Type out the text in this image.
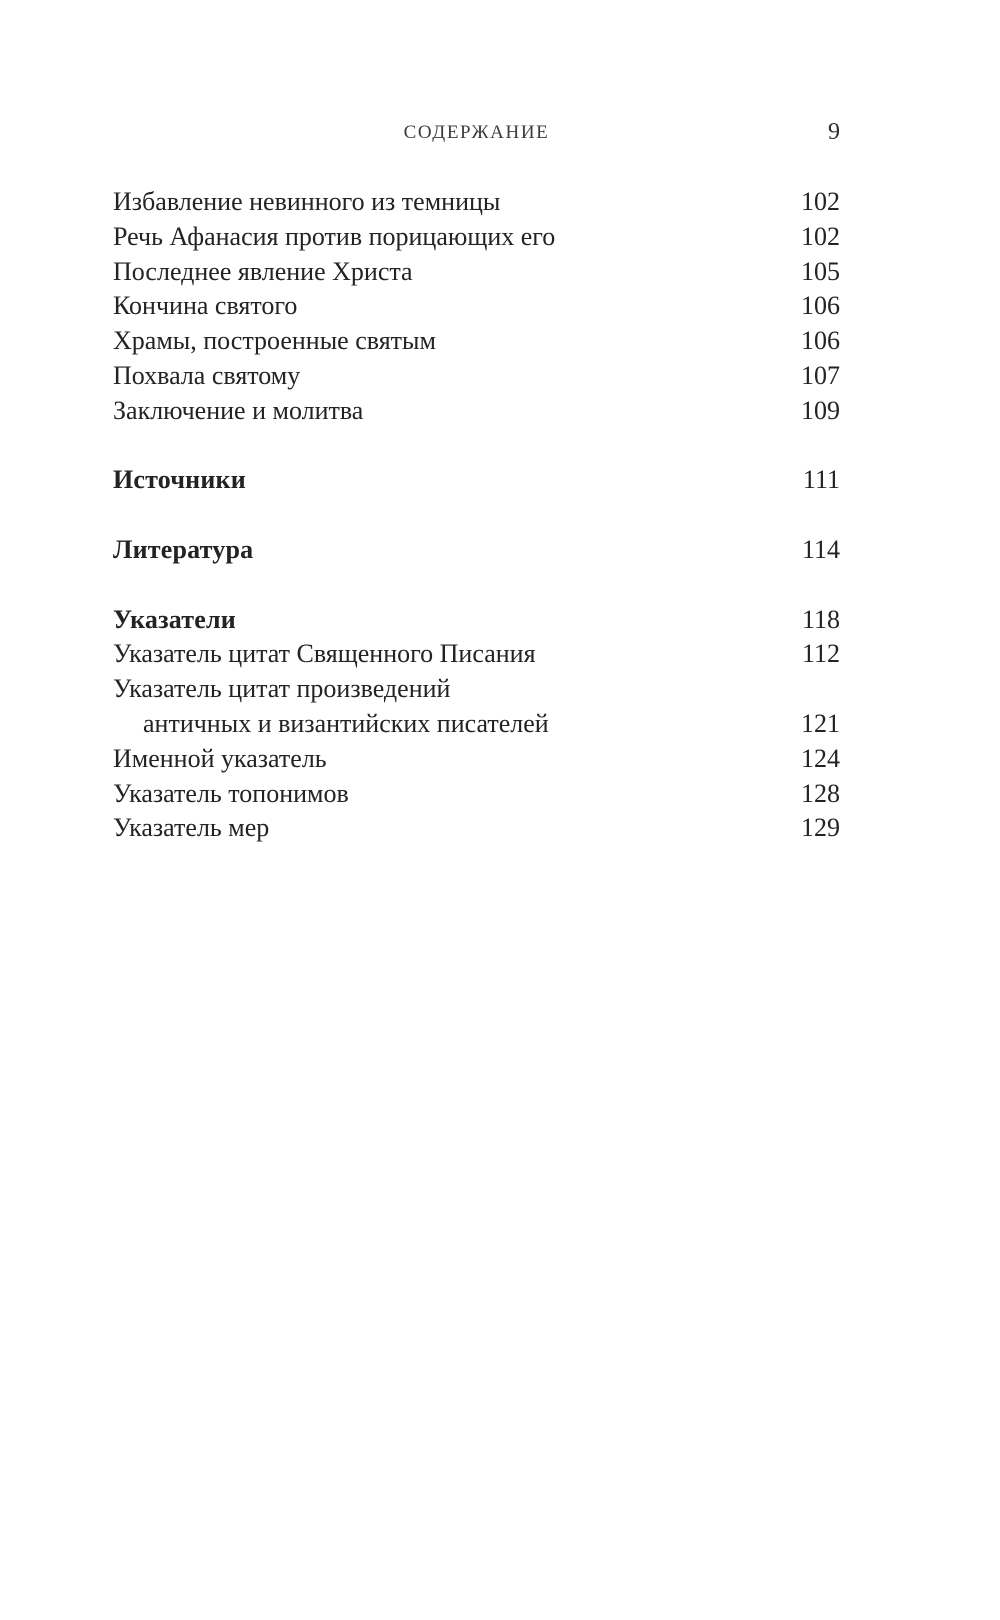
СОДЕРЖАНИЕ	9
Избавление невинного из темницы	102
Речь Афанасия против порицающих его	102
Последнее явление Христа	105
Кончина святого	106
Храмы, построенные святым	106
Похвала святому	107
Заключение и молитва	109
Источники	111
Литература	114
Указатели	118
Указатель цитат Священного Писания	112
Указатель цитат произведений
античных и византийских писателей	121
Именной указатель	124
Указатель топонимов	128
Указатель мер	129
